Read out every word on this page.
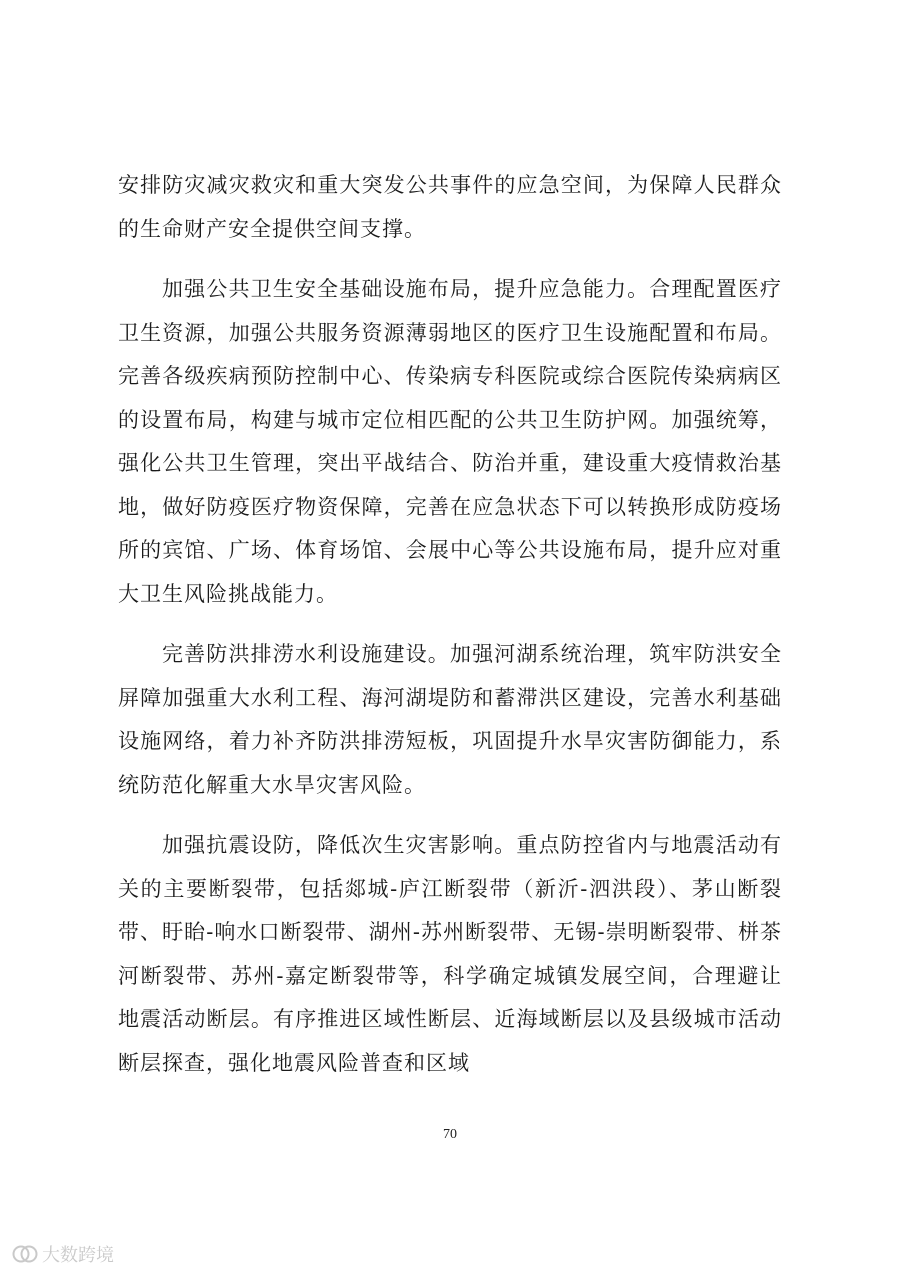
安排防灾减灾救灾和重大突发公共事件的应急空间，为保障人民群众的生命财产安全提供空间支撑。

加强公共卫生安全基础设施布局，提升应急能力。合理配置医疗卫生资源，加强公共服务资源薄弱地区的医疗卫生设施配置和布局。完善各级疾病预防控制中心、传染病专科医院或综合医院传染病病区的设置布局，构建与城市定位相匹配的公共卫生防护网。加强统筹，强化公共卫生管理，突出平战结合、防治并重，建设重大疫情救治基地，做好防疫医疗物资保障，完善在应急状态下可以转换形成防疫场所的宾馆、广场、体育场馆、会展中心等公共设施布局，提升应对重大卫生风险挑战能力。

完善防洪排涝水利设施建设。加强河湖系统治理，筑牢防洪安全屏障加强重大水利工程、海河湖堤防和蓄滞洪区建设，完善水利基础设施网络，着力补齐防洪排涝短板，巩固提升水旱灾害防御能力，系统防范化解重大水旱灾害风险。

加强抗震设防，降低次生灾害影响。重点防控省内与地震活动有关的主要断裂带，包括郯城-庐江断裂带（新沂-泗洪段）、茅山断裂带、盱眙-响水口断裂带、湖州-苏州断裂带、无锡-崇明断裂带、栟茶河断裂带、苏州-嘉定断裂带等，科学确定城镇发展空间，合理避让地震活动断层。有序推进区域性断层、近海域断层以及县级城市活动断层探查，强化地震风险普查和区域

70
大数跨境
